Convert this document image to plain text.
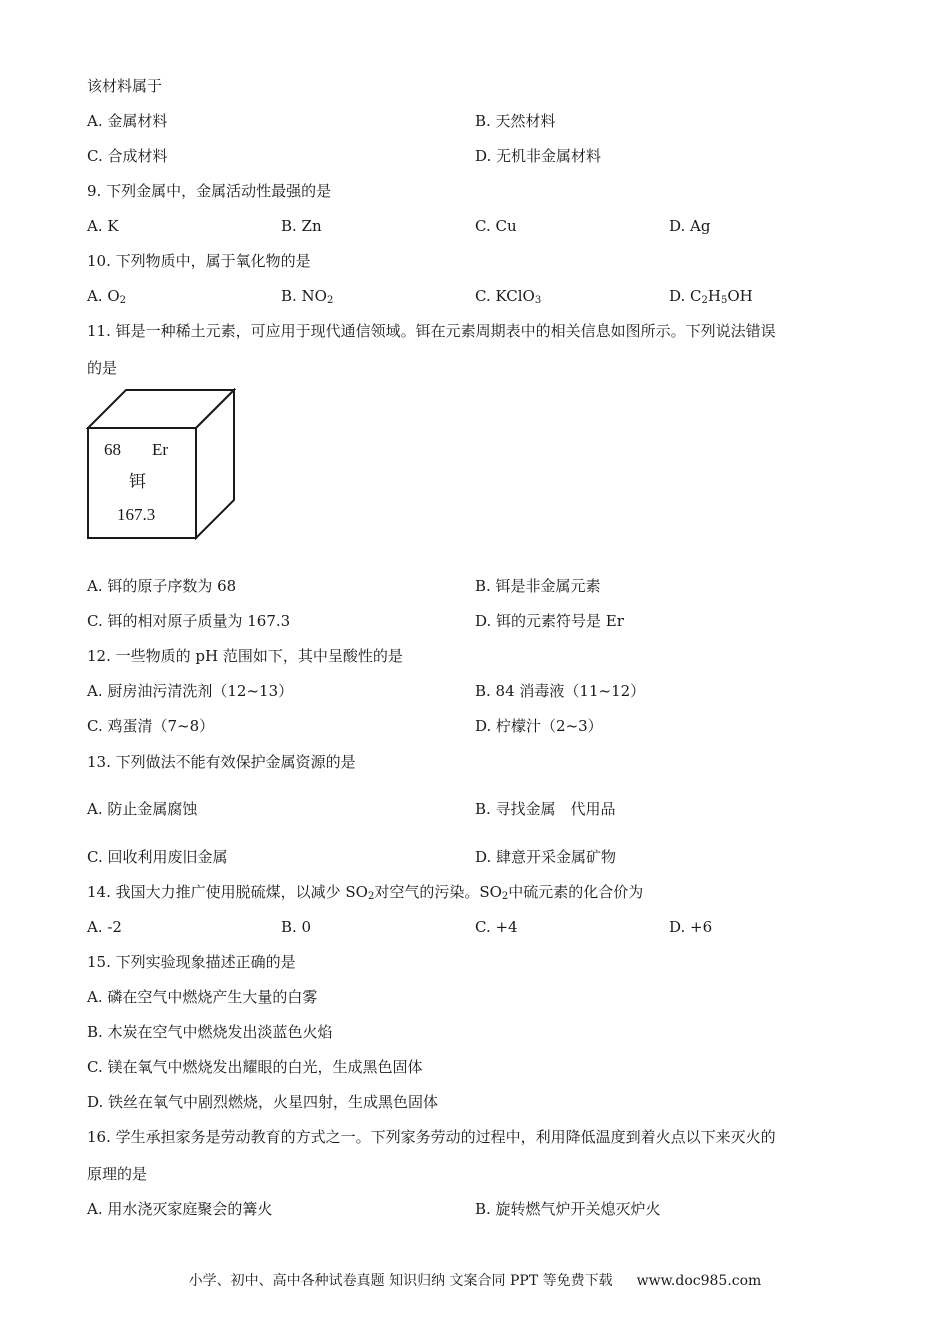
该材料属于
A. 金属材料	B. 天然材料
C. 合成材料	D. 无机非金属材料
9. 下列金属中，金属活动性最强的是
A. K	B. Zn	C. Cu	D. Ag
10. 下列物质中，属于氧化物的是
A. $O_2$	B. $NO_2$	C. KClO$_3$	D. $C_2H_5OH$
11. 铒是一种稀土元素，可应用于现代通信领域。铒在元素周期表中的相关信息如图所示。下列说法错误
的是
68 Er
铒
167.3
A. 铒的原子序数为 68	B. 铒是非金属元素
C. 铒的相对原子质量为 167.3	D. 铒的元素符号是 Er
12. 一些物质的 pH 范围如下，其中呈酸性的是
A. 厨房油污清洗剂（12~13）	B. 84 消毒液（11~12）
C. 鸡蛋清（7~8）	D. 柠檬汁（2~3）
13. 下列做法不能有效保护金属资源的是
A. 防止金属腐蚀	B. 寻找金属　代用品
C. 回收利用废旧金属	D. 肆意开采金属矿物
14. 我国大力推广使用脱硫煤，以减少 $SO_2$对空气的污染。$SO_2$中硫元素的化合价为
A. -2	B. 0	C. +4	D. +6
15. 下列实验现象描述正确的是
A. 磷在空气中燃烧产生大量的白雾
B. 木炭在空气中燃烧发出淡蓝色火焰
C. 镁在氧气中燃烧发出耀眼的白光，生成黑色固体
D. 铁丝在氧气中剧烈燃烧，火星四射，生成黑色固体
16. 学生承担家务是劳动教育的方式之一。下列家务劳动的过程中，利用降低温度到着火点以下来灭火的
原理的是
A. 用水浇灭家庭聚会的篝火	B. 旋转燃气炉开关熄灭炉火
小学、初中、高中各种试卷真题 知识归纳 文案合同 PPT 等免费下载 www.doc985.com
